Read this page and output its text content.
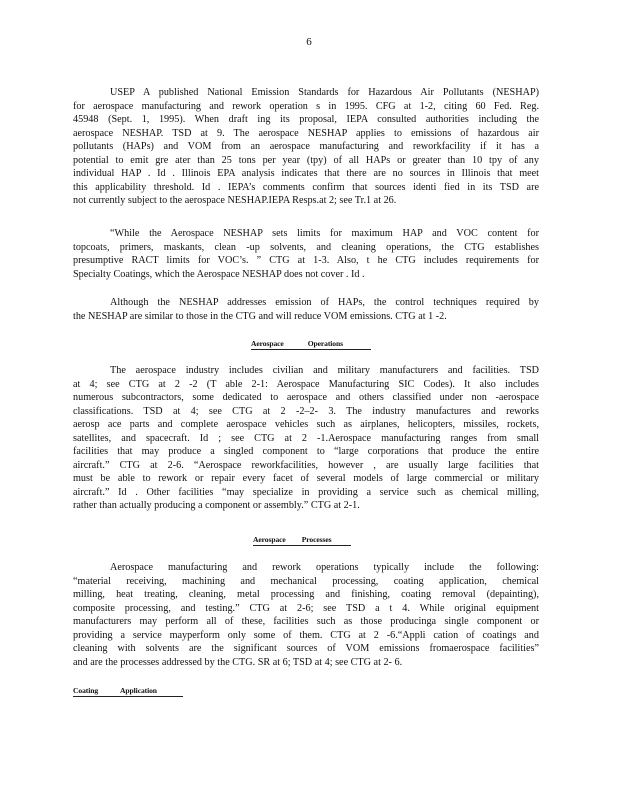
6

USEP A published National Emission Standards for Hazardous Air Pollutants (NESHAP)
for aerospace manufacturing and rework operation s in 1995. CFG at 1-2, citing 60 Fed. Reg.
45948 (Sept. 1, 1995). When draft ing its proposal, IEPA consulted authorities including the
aerospace NESHAP. TSD at 9. The aerospace NESHAP applies to emissions of hazardous air
pollutants (HAPs) and VOM from an aerospace manufacturing and reworkfacility if it has a
potential to emit gre ater than 25 tons per year (tpy) of all HAPs or greater than 10 tpy of any
individual HAP . Id . Illinois EPA analysis indicates that there are no sources in Illinois that meet
this applicability threshold. Id . IEPA’s comments confirm that sources identi fied in its TSD are
not currently subject to the aerospace NESHAP.IEPA Resps.at 2; see Tr.1 at 26.

“While the Aerospace NESHAP sets limits for maximum HAP and VOC content for
topcoats, primers, maskants, clean -up solvents, and cleaning operations, the CTG establishes
presumptive RACT limits for VOC’s. ” CTG at 1-3. Also, t he CTG includes requirements for
Specialty Coatings, which the Aerospace NESHAP does not cover . Id .

Although the NESHAP addresses emission of HAPs, the control techniques required by
the NESHAP are similar to those in the CTG and will reduce VOM emissions. CTG at 1 -2.

Aerospace	Operations

The aerospace industry includes civilian and military manufacturers and facilities. TSD
at 4; see CTG at 2 -2 (T able 2-1: Aerospace Manufacturing SIC Codes). It also includes
numerous subcontractors, some dedicated to aerospace and others classified under non -aerospace
classifications. TSD at 4; see CTG at 2 -2–2- 3. The industry manufactures and reworks
aerosp ace parts and complete aerospace vehicles such as airplanes, helicopters, missiles, rockets,
satellites, and spacecraft. Id ; see CTG at 2 -1.Aerospace manufacturing ranges from small
facilities that may produce a singled component to “large corporations that produce the entire
aircraft.” CTG at 2-6. “Aerospace reworkfacilities, however , are usually large facilities that
must be able to rework or repair every facet of several models of large commercial or military
aircraft.” Id . Other facilities “may specialize in providing a service such as chemical milling,
rather than actually producing a component or assembly.” CTG at 2-1.

Aerospace Processes

Aerospace manufacturing and rework operations typically include the following:
“material receiving, machining and mechanical processing, coating application, chemical
milling, heat treating, cleaning, metal processing and finishing, coating removal (depainting),
composite processing, and testing.” CTG at 2-6; see TSD a t 4. While original equipment
manufacturers may perform all of these, facilities such as those producinga single component or
providing a service mayperform only some of them. CTG at 2 -6.“Appli cation of coatings and
cleaning with solvents are the significant sources of VOM emissions fromaerospace facilities”
and are the processes addressed by the CTG. SR at 6; TSD at 4; see CTG at 2- 6.

Coating	Application
